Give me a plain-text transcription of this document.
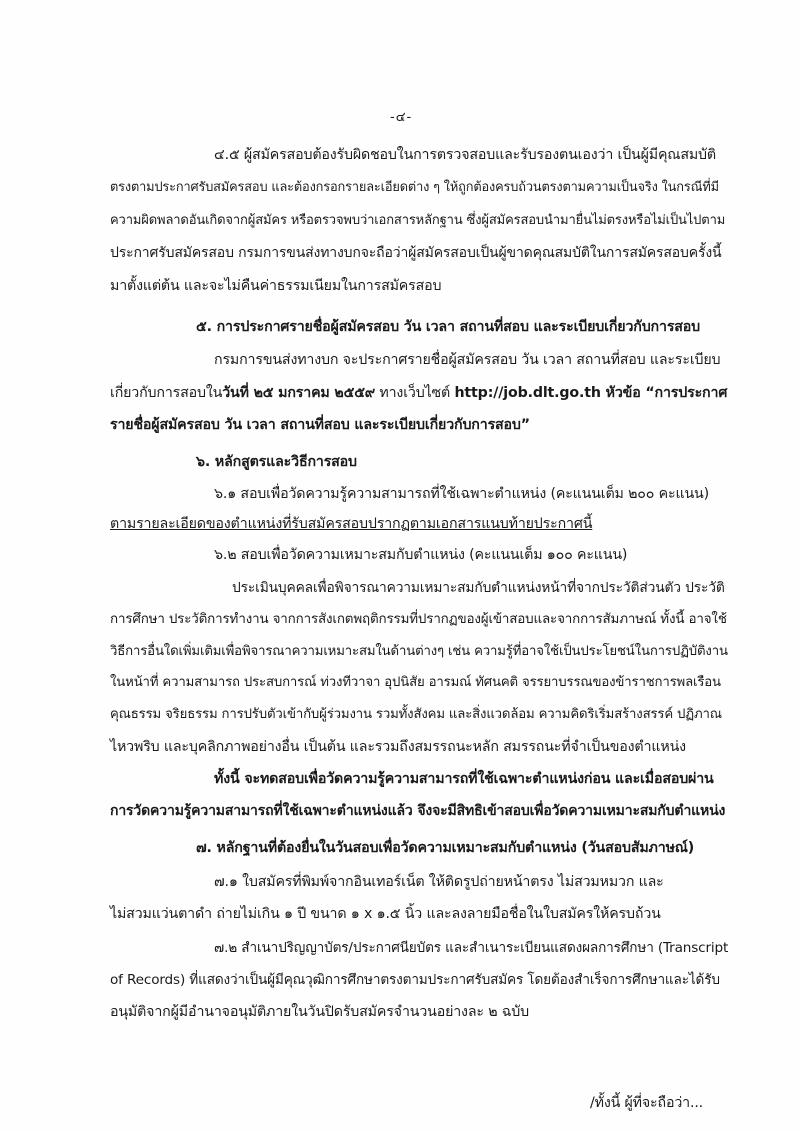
-๔-
๔.๕ ผู้สมัครสอบต้องรับผิดชอบในการตรวจสอบและรับรองตนเองว่า เป็นผู้มีคุณสมบัติ
ตรงตามประกาศรับสมัครสอบ และต้องกรอกรายละเอียดต่าง ๆ ให้ถูกต้องครบถ้วนตรงตามความเป็นจริง ในกรณีที่มี
ความผิดพลาดอันเกิดจากผู้สมัคร หรือตรวจพบว่าเอกสารหลักฐาน ซึ่งผู้สมัครสอบนำมายื่นไม่ตรงหรือไม่เป็นไปตาม
ประกาศรับสมัครสอบ กรมการขนส่งทางบกจะถือว่าผู้สมัครสอบเป็นผู้ขาดคุณสมบัติในการสมัครสอบครั้งนี้
มาตั้งแต่ต้น และจะไม่คืนค่าธรรมเนียมในการสมัครสอบ
๕. การประกาศรายชื่อผู้สมัครสอบ วัน เวลา สถานที่สอบ และระเบียบเกี่ยวกับการสอบ
กรมการขนส่งทางบก จะประกาศรายชื่อผู้สมัครสอบ วัน เวลา สถานที่สอบ และระเบียบ
เกี่ยวกับการสอบในวันที่ ๒๕ มกราคม ๒๕๕๙ ทางเว็บไซต์ http://job.dlt.go.th หัวข้อ “การประกาศ
รายชื่อผู้สมัครสอบ วัน เวลา สถานที่สอบ และระเบียบเกี่ยวกับการสอบ”
๖. หลักสูตรและวิธีการสอบ
๖.๑ สอบเพื่อวัดความรู้ความสามารถที่ใช้เฉพาะตำแหน่ง (คะแนนเต็ม ๒๐๐ คะแนน)
ตามรายละเอียดของตำแหน่งที่รับสมัครสอบปรากฏตามเอกสารแนบท้ายประกาศนี้
๖.๒ สอบเพื่อวัดความเหมาะสมกับตำแหน่ง (คะแนนเต็ม ๑๐๐ คะแนน)
ประเมินบุคคลเพื่อพิจารณาความเหมาะสมกับตำแหน่งหน้าที่จากประวัติส่วนตัว ประวัติ
การศึกษา ประวัติการทำงาน จากการสังเกตพฤติกรรมที่ปรากฏของผู้เข้าสอบและจากการสัมภาษณ์ ทั้งนี้ อาจใช้
วิธีการอื่นใดเพิ่มเติมเพื่อพิจารณาความเหมาะสมในด้านต่างๆ เช่น ความรู้ที่อาจใช้เป็นประโยชน์ในการปฏิบัติงาน
ในหน้าที่ ความสามารถ ประสบการณ์ ท่วงทีวาจา อุปนิสัย อารมณ์ ทัศนคติ จรรยาบรรณของข้าราชการพลเรือน
คุณธรรม จริยธรรม การปรับตัวเข้ากับผู้ร่วมงาน รวมทั้งสังคม และสิ่งแวดล้อม ความคิดริเริ่มสร้างสรรค์ ปฏิภาณ
ไหวพริบ และบุคลิกภาพอย่างอื่น เป็นต้น และรวมถึงสมรรถนะหลัก สมรรถนะที่จำเป็นของตำแหน่ง
ทั้งนี้ จะทดสอบเพื่อวัดความรู้ความสามารถที่ใช้เฉพาะตำแหน่งก่อน และเมื่อสอบผ่าน
การวัดความรู้ความสามารถที่ใช้เฉพาะตำแหน่งแล้ว จึงจะมีสิทธิเข้าสอบเพื่อวัดความเหมาะสมกับตำแหน่ง
๗. หลักฐานที่ต้องยื่นในวันสอบเพื่อวัดความเหมาะสมกับตำแหน่ง (วันสอบสัมภาษณ์)
๗.๑ ใบสมัครที่พิมพ์จากอินเทอร์เน็ต ให้ติดรูปถ่ายหน้าตรง ไม่สวมหมวก และ
ไม่สวมแว่นตาดำ ถ่ายไม่เกิน ๑ ปี ขนาด ๑ x ๑.๕ นิ้ว และลงลายมือชื่อในใบสมัครให้ครบถ้วน
๗.๒ สำเนาปริญญาบัตร/ประกาศนียบัตร และสำเนาระเบียนแสดงผลการศึกษา (Transcript
of Records) ที่แสดงว่าเป็นผู้มีคุณวุฒิการศึกษาตรงตามประกาศรับสมัคร โดยต้องสำเร็จการศึกษาและได้รับ
อนุมัติจากผู้มีอำนาจอนุมัติภายในวันปิดรับสมัครจำนวนอย่างละ ๒ ฉบับ
/ทั้งนี้ ผู้ที่จะถือว่า...
